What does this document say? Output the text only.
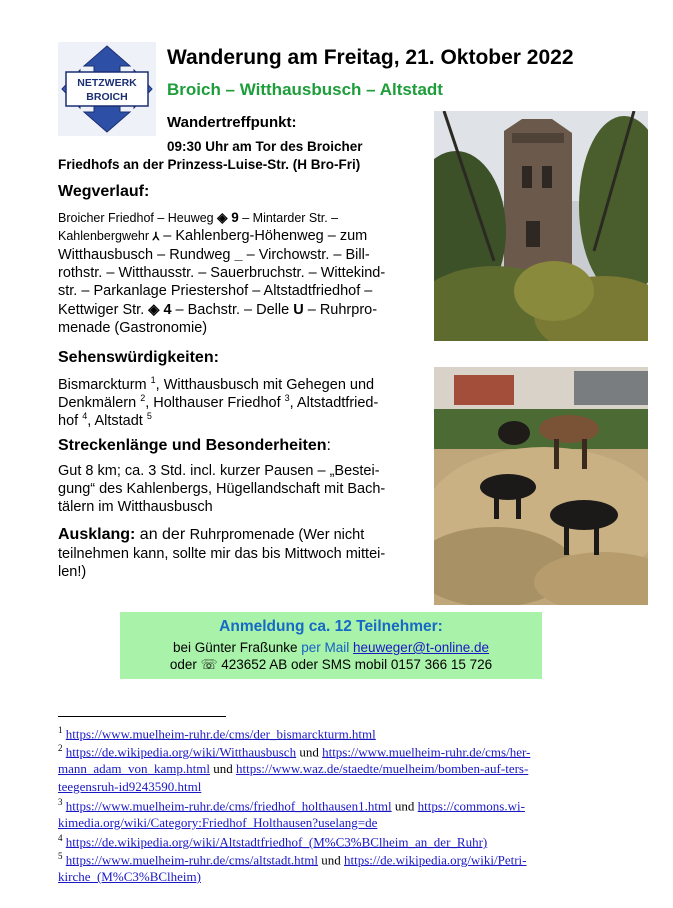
NETZWERK
BROICH
Wanderung am Freitag, 21. Oktober 2022
Broich – Witthausbusch – Altstadt
Wandertreffpunkt:
09:30 Uhr am Tor des Broicher
Friedhofs an der Prinzess-Luise-Str. (H Bro-Fri)
Wegverlauf:
Broicher Friedhof – Heuweg ◈ 9 – Mintarder Str. –
Kahlenbergwehr ⅄ – Kahlenberg-Höhenweg – zum
Witthausbusch – Rundweg _ – Virchowstr. – Bill-
rothstr. – Witthausstr. – Sauerbruchstr. – Wittekind-
str. – Parkanlage Priestershof – Altstadtfriedhof –
Kettwiger Str. ◈ 4 – Bachstr. – Delle U – Ruhrpro-
menade (Gastronomie)
Sehenswürdigkeiten:
Bismarckturm $^1$, Witthausbusch mit Gehegen und
Denkmälern $^2$, Holthauser Friedhof $^3$, Altstadtfried-
hof $^4$, Altstadt $^5$
Streckenlänge und Besonderheiten:
Gut 8 km; ca. 3 Std. incl. kurzer Pausen – „Bestei-
gung“ des Kahlenbergs, Hügellandschaft mit Bach-
tälern im Witthausbusch
Ausklang: an der Ruhrpromenade (Wer nicht
teilnehmen kann, sollte mir das bis Mittwoch mittei-
len!)
Anmeldung ca. 12 Teilnehmer:
bei Günter Fraßunke per Mail heuweger@t-online.de
oder ☏ 423652 AB oder SMS mobil 0157 366 15 726
$^1$ https://www.muelheim-ruhr.de/cms/der_bismarckturm.html
$^2$ https://de.wikipedia.org/wiki/Witthausbusch und https://www.muelheim-ruhr.de/cms/her-
mann_adam_von_kamp.html und https://www.waz.de/staedte/muelheim/bomben-auf-ters-
teegensruh-id9243590.html
$^3$ https://www.muelheim-ruhr.de/cms/friedhof_holthausen1.html und https://commons.wi-
kimedia.org/wiki/Category:Friedhof_Holthausen?uselang=de
$^4$ https://de.wikipedia.org/wiki/Altstadtfriedhof_(M%C3%BClheim_an_der_Ruhr)
$^5$ https://www.muelheim-ruhr.de/cms/altstadt.html und https://de.wikipedia.org/wiki/Petri-
kirche_(M%C3%BClheim)
